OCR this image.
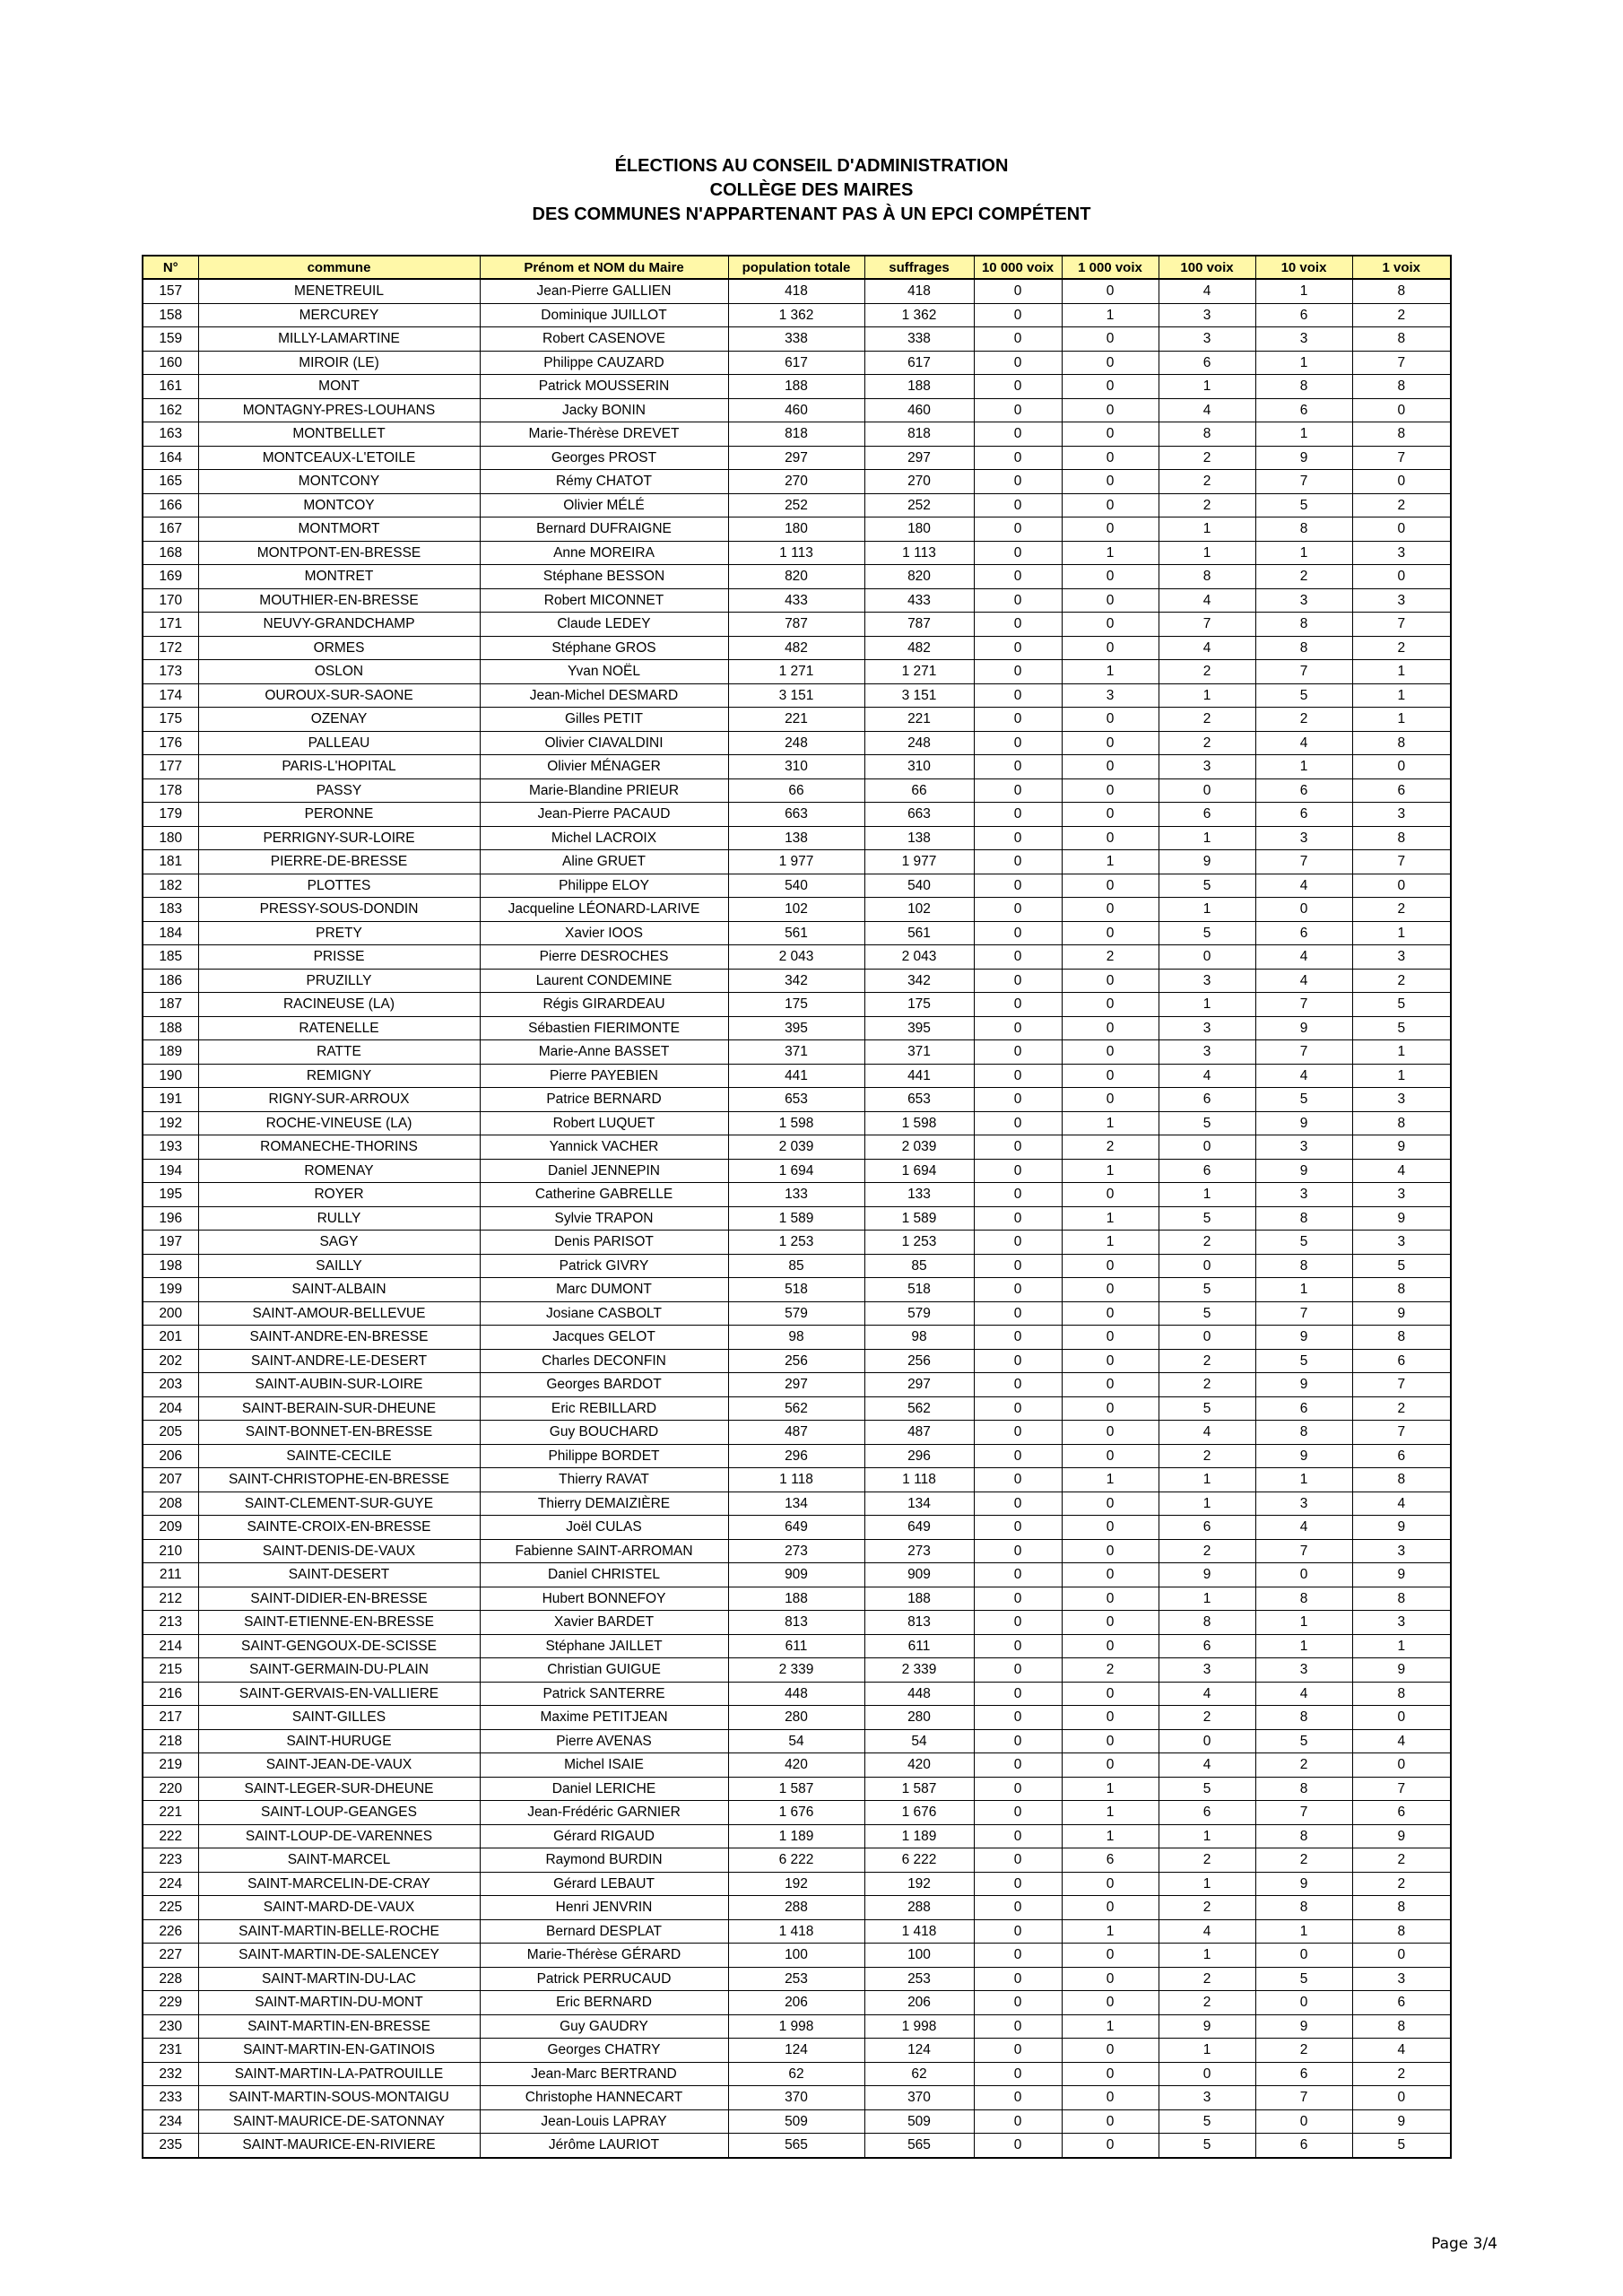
ÉLECTIONS AU CONSEIL D'ADMINISTRATION
COLLÈGE DES MAIRES
DES COMMUNES N'APPARTENANT PAS À UN EPCI COMPÉTENT
N°	commune	Prénom et NOM du Maire	population totale	suffrages	10 000 voix	1 000 voix	100 voix	10 voix	1 voix
157	MENETREUIL	Jean-Pierre GALLIEN	418	418	0	0	4	1	8
158	MERCUREY	Dominique JUILLOT	1 362	1 362	0	1	3	6	2
159	MILLY-LAMARTINE	Robert CASENOVE	338	338	0	0	3	3	8
160	MIROIR (LE)	Philippe CAUZARD	617	617	0	0	6	1	7
161	MONT	Patrick MOUSSERIN	188	188	0	0	1	8	8
162	MONTAGNY-PRES-LOUHANS	Jacky BONIN	460	460	0	0	4	6	0
163	MONTBELLET	Marie-Thérèse DREVET	818	818	0	0	8	1	8
164	MONTCEAUX-L'ETOILE	Georges PROST	297	297	0	0	2	9	7
165	MONTCONY	Rémy CHATOT	270	270	0	0	2	7	0
166	MONTCOY	Olivier MÉLÉ	252	252	0	0	2	5	2
167	MONTMORT	Bernard DUFRAIGNE	180	180	0	0	1	8	0
168	MONTPONT-EN-BRESSE	Anne MOREIRA	1 113	1 113	0	1	1	1	3
169	MONTRET	Stéphane BESSON	820	820	0	0	8	2	0
170	MOUTHIER-EN-BRESSE	Robert MICONNET	433	433	0	0	4	3	3
171	NEUVY-GRANDCHAMP	Claude LEDEY	787	787	0	0	7	8	7
172	ORMES	Stéphane GROS	482	482	0	0	4	8	2
173	OSLON	Yvan NOËL	1 271	1 271	0	1	2	7	1
174	OUROUX-SUR-SAONE	Jean-Michel DESMARD	3 151	3 151	0	3	1	5	1
175	OZENAY	Gilles PETIT	221	221	0	0	2	2	1
176	PALLEAU	Olivier CIAVALDINI	248	248	0	0	2	4	8
177	PARIS-L'HOPITAL	Olivier MÉNAGER	310	310	0	0	3	1	0
178	PASSY	Marie-Blandine PRIEUR	66	66	0	0	0	6	6
179	PERONNE	Jean-Pierre PACAUD	663	663	0	0	6	6	3
180	PERRIGNY-SUR-LOIRE	Michel LACROIX	138	138	0	0	1	3	8
181	PIERRE-DE-BRESSE	Aline GRUET	1 977	1 977	0	1	9	7	7
182	PLOTTES	Philippe ELOY	540	540	0	0	5	4	0
183	PRESSY-SOUS-DONDIN	Jacqueline LÉONARD-LARIVE	102	102	0	0	1	0	2
184	PRETY	Xavier IOOS	561	561	0	0	5	6	1
185	PRISSE	Pierre DESROCHES	2 043	2 043	0	2	0	4	3
186	PRUZILLY	Laurent CONDEMINE	342	342	0	0	3	4	2
187	RACINEUSE (LA)	Régis GIRARDEAU	175	175	0	0	1	7	5
188	RATENELLE	Sébastien FIERIMONTE	395	395	0	0	3	9	5
189	RATTE	Marie-Anne BASSET	371	371	0	0	3	7	1
190	REMIGNY	Pierre PAYEBIEN	441	441	0	0	4	4	1
191	RIGNY-SUR-ARROUX	Patrice BERNARD	653	653	0	0	6	5	3
192	ROCHE-VINEUSE (LA)	Robert LUQUET	1 598	1 598	0	1	5	9	8
193	ROMANECHE-THORINS	Yannick VACHER	2 039	2 039	0	2	0	3	9
194	ROMENAY	Daniel JENNEPIN	1 694	1 694	0	1	6	9	4
195	ROYER	Catherine GABRELLE	133	133	0	0	1	3	3
196	RULLY	Sylvie TRAPON	1 589	1 589	0	1	5	8	9
197	SAGY	Denis PARISOT	1 253	1 253	0	1	2	5	3
198	SAILLY	Patrick GIVRY	85	85	0	0	0	8	5
199	SAINT-ALBAIN	Marc DUMONT	518	518	0	0	5	1	8
200	SAINT-AMOUR-BELLEVUE	Josiane CASBOLT	579	579	0	0	5	7	9
201	SAINT-ANDRE-EN-BRESSE	Jacques GELOT	98	98	0	0	0	9	8
202	SAINT-ANDRE-LE-DESERT	Charles DECONFIN	256	256	0	0	2	5	6
203	SAINT-AUBIN-SUR-LOIRE	Georges BARDOT	297	297	0	0	2	9	7
204	SAINT-BERAIN-SUR-DHEUNE	Eric REBILLARD	562	562	0	0	5	6	2
205	SAINT-BONNET-EN-BRESSE	Guy BOUCHARD	487	487	0	0	4	8	7
206	SAINTE-CECILE	Philippe BORDET	296	296	0	0	2	9	6
207	SAINT-CHRISTOPHE-EN-BRESSE	Thierry RAVAT	1 118	1 118	0	1	1	1	8
208	SAINT-CLEMENT-SUR-GUYE	Thierry DEMAIZIÈRE	134	134	0	0	1	3	4
209	SAINTE-CROIX-EN-BRESSE	Joël CULAS	649	649	0	0	6	4	9
210	SAINT-DENIS-DE-VAUX	Fabienne SAINT-ARROMAN	273	273	0	0	2	7	3
211	SAINT-DESERT	Daniel CHRISTEL	909	909	0	0	9	0	9
212	SAINT-DIDIER-EN-BRESSE	Hubert BONNEFOY	188	188	0	0	1	8	8
213	SAINT-ETIENNE-EN-BRESSE	Xavier BARDET	813	813	0	0	8	1	3
214	SAINT-GENGOUX-DE-SCISSE	Stéphane JAILLET	611	611	0	0	6	1	1
215	SAINT-GERMAIN-DU-PLAIN	Christian GUIGUE	2 339	2 339	0	2	3	3	9
216	SAINT-GERVAIS-EN-VALLIERE	Patrick SANTERRE	448	448	0	0	4	4	8
217	SAINT-GILLES	Maxime PETITJEAN	280	280	0	0	2	8	0
218	SAINT-HURUGE	Pierre AVENAS	54	54	0	0	0	5	4
219	SAINT-JEAN-DE-VAUX	Michel ISAIE	420	420	0	0	4	2	0
220	SAINT-LEGER-SUR-DHEUNE	Daniel LERICHE	1 587	1 587	0	1	5	8	7
221	SAINT-LOUP-GEANGES	Jean-Frédéric GARNIER	1 676	1 676	0	1	6	7	6
222	SAINT-LOUP-DE-VARENNES	Gérard RIGAUD	1 189	1 189	0	1	1	8	9
223	SAINT-MARCEL	Raymond BURDIN	6 222	6 222	0	6	2	2	2
224	SAINT-MARCELIN-DE-CRAY	Gérard LEBAUT	192	192	0	0	1	9	2
225	SAINT-MARD-DE-VAUX	Henri JENVRIN	288	288	0	0	2	8	8
226	SAINT-MARTIN-BELLE-ROCHE	Bernard DESPLAT	1 418	1 418	0	1	4	1	8
227	SAINT-MARTIN-DE-SALENCEY	Marie-Thérèse GÉRARD	100	100	0	0	1	0	0
228	SAINT-MARTIN-DU-LAC	Patrick PERRUCAUD	253	253	0	0	2	5	3
229	SAINT-MARTIN-DU-MONT	Eric BERNARD	206	206	0	0	2	0	6
230	SAINT-MARTIN-EN-BRESSE	Guy GAUDRY	1 998	1 998	0	1	9	9	8
231	SAINT-MARTIN-EN-GATINOIS	Georges CHATRY	124	124	0	0	1	2	4
232	SAINT-MARTIN-LA-PATROUILLE	Jean-Marc BERTRAND	62	62	0	0	0	6	2
233	SAINT-MARTIN-SOUS-MONTAIGU	Christophe HANNECART	370	370	0	0	3	7	0
234	SAINT-MAURICE-DE-SATONNAY	Jean-Louis LAPRAY	509	509	0	0	5	0	9
235	SAINT-MAURICE-EN-RIVIERE	Jérôme LAURIOT	565	565	0	0	5	6	5
Page 3/4
